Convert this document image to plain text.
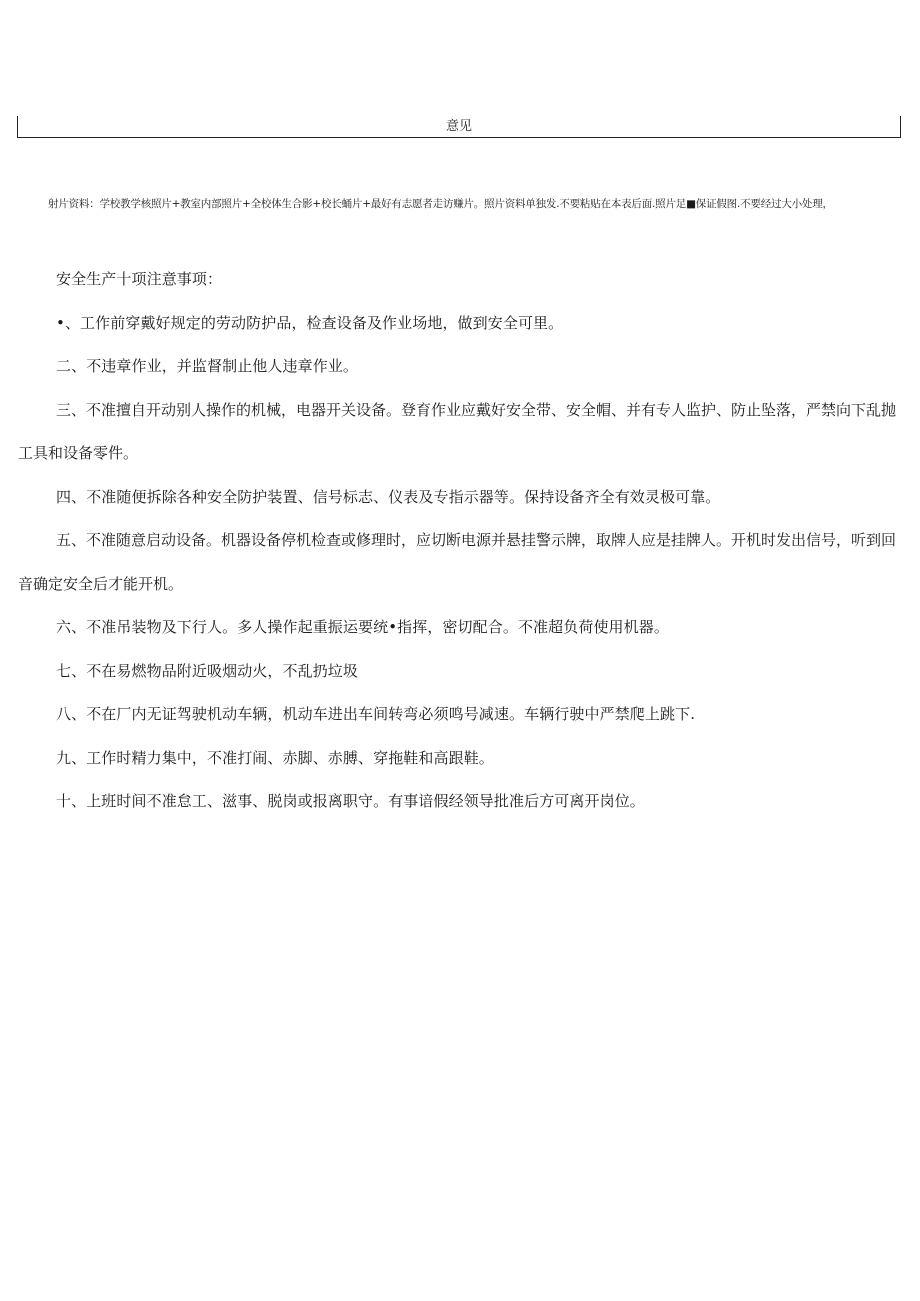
意见

射片资料：学校教学核照片+教室内部照片+全校体生合影+校长蛹片+最好有志愿者走访赚片。照片资料单独发.不要粘贴在本表后面.照片足■保证假图.不要经过大小处理，

安全生产十项注意事项：

•、工作前穿戴好规定的劳动防护品，检查设备及作业场地，做到安全可里。

二、不违章作业，并监督制止他人违章作业。

三、不准擅自开动别人操作的机械，电器开关设备。登育作业应戴好安全带、安全帽、并有专人监护、防止坠落，严禁向下乱抛工具和设备零件。

四、不准随便拆除各种安全防护装置、信号标志、仪表及专指示器等。保持设备齐全有效灵极可靠。

五、不准随意启动设备。机器设备停机检查或修理时，应切断电源并悬挂警示牌，取牌人应是挂牌人。开机时发出信号，听到回音确定安全后才能开机。

六、不准吊装物及下行人。多人操作起重振运要统•指挥，密切配合。不准超负荷使用机器。

七、不在易燃物品附近吸烟动火，不乱扔垃圾

八、不在厂内无证驾驶机动车辆，机动车进出车间转弯必须鸣号减速。车辆行驶中严禁爬上跳下.

九、工作时精力集中，不准打闹、赤脚、赤膊、穿拖鞋和高跟鞋。

十、上班时间不准怠工、滋事、脱岗或报离职守。有事谙假经领导批准后方可离开岗位。
